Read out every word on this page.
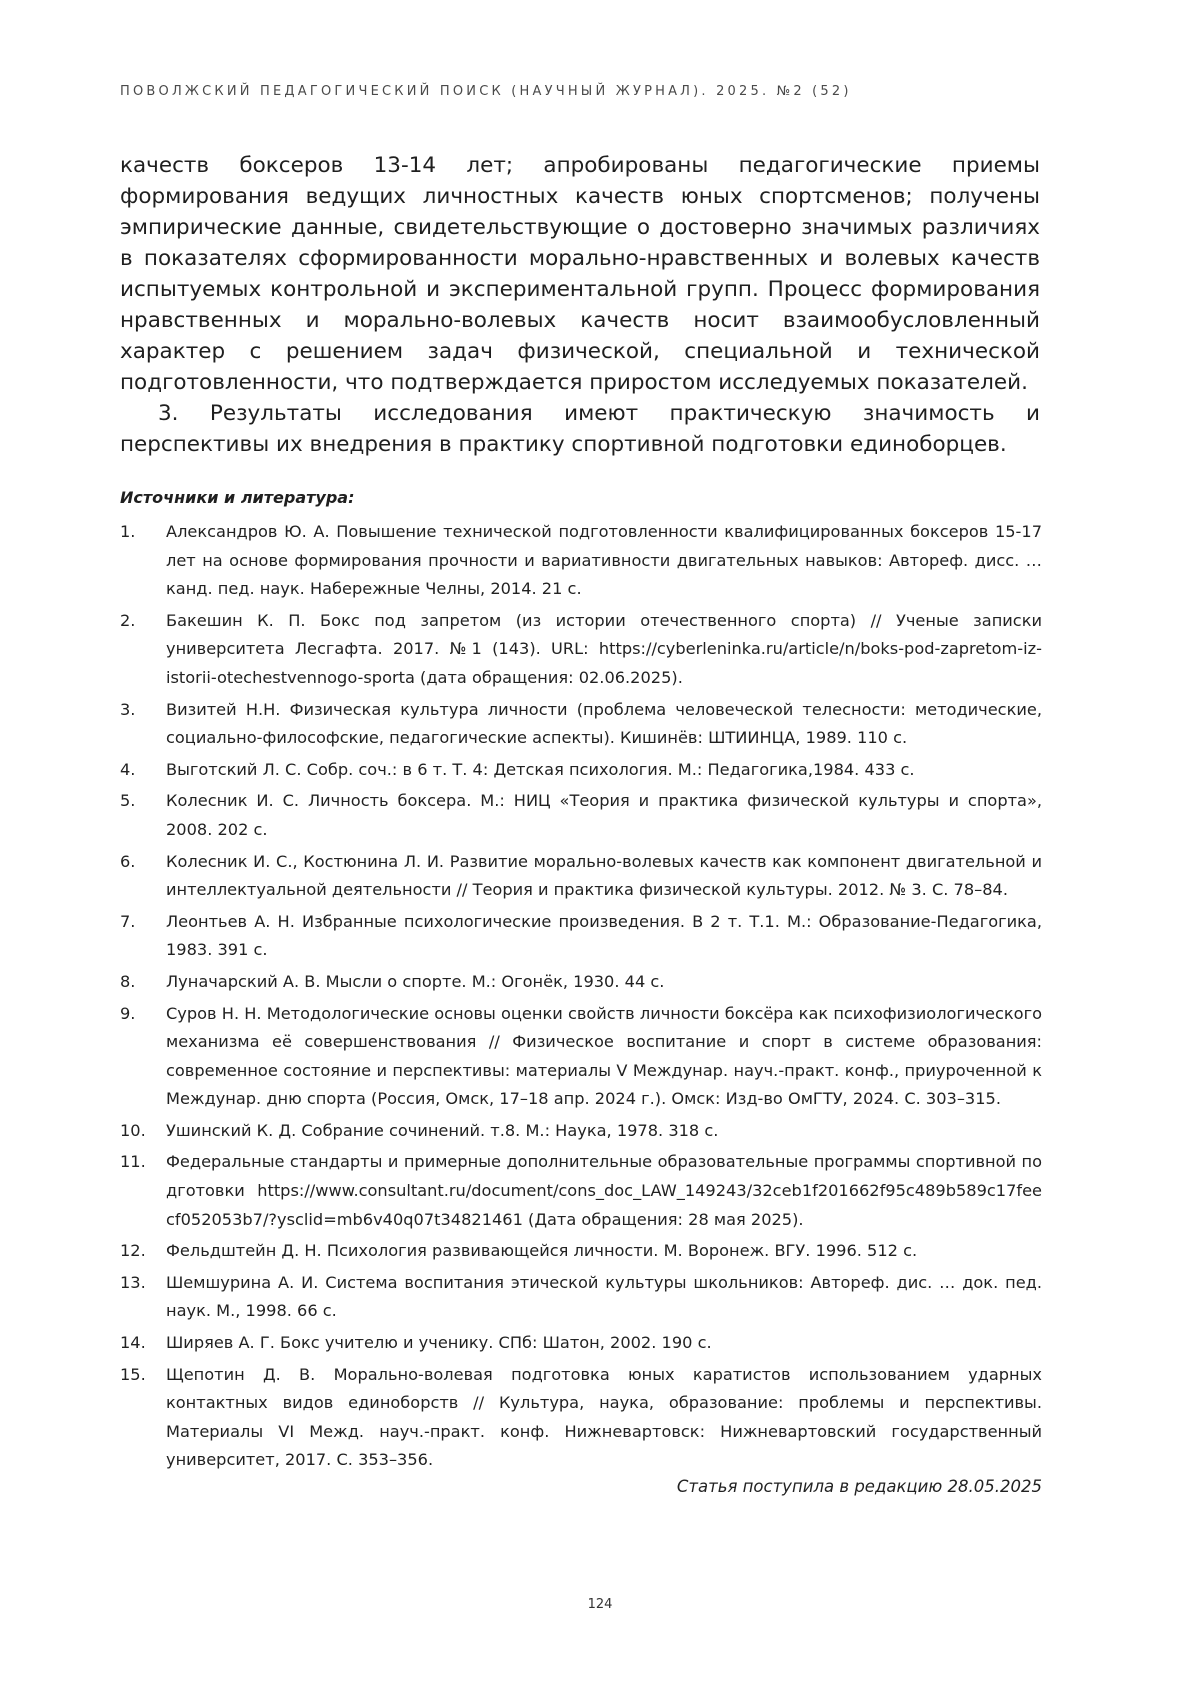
ПОВОЛЖСКИЙ ПЕДАГОГИЧЕСКИЙ ПОИСК (НАУЧНЫЙ ЖУРНАЛ). 2025. №2 (52)

качеств боксеров 13-14 лет; апробированы педагогические приемы формирования ведущих личностных качеств юных спортсменов; получены эмпирические данные, свидетельствующие о достоверно значимых различиях в показателях сформированности морально-нравственных и волевых качеств испытуемых контрольной и экспериментальной групп. Процесс формирования нравственных и морально-волевых качеств носит взаимообусловленный характер с решением задач физической, специальной и технической подготовленности, что подтверждается приростом исследуемых показателей.

3. Результаты исследования имеют практическую значимость и перспективы их внедрения в практику спортивной подготовки единоборцев.

Источники и литература:
1. Александров Ю. А. Повышение технической подготовленности квалифицированных боксеров 15-17 лет на основе формирования прочности и вариативности двигательных навыков: Автореф. дисс. … канд. пед. наук. Набережные Челны, 2014. 21 с.
2. Бакешин К. П. Бокс под запретом (из истории отечественного спорта) // Ученые записки университета Лесгафта. 2017. №1 (143). URL: https://cyberleninka.ru/article/n/boks-pod-zapretom-iz-istorii-otechestvennogo-sporta (дата обращения: 02.06.2025).
3. Визитей Н.Н. Физическая культура личности (проблема человеческой телесности: методические, социально-философские, педагогические аспекты). Кишинёв: ШТИИНЦА, 1989. 110 с.
4. Выготский Л. С. Собр. соч.: в 6 т. Т. 4: Детская психология. М.: Педагогика,1984. 433 с.
5. Колесник И. С. Личность боксера. М.: НИЦ «Теория и практика физической культуры и спорта», 2008. 202 с.
6. Колесник И. С., Костюнина Л. И. Развитие морально-волевых качеств как компонент двигательной и интеллектуальной деятельности // Теория и практика физической культуры. 2012. № 3. С. 78–84.
7. Леонтьев А. Н. Избранные психологические произведения. В 2 т. Т.1. М.: Образование-Педагогика, 1983. 391 с.
8. Луначарский А. В. Мысли о спорте. М.: Огонёк, 1930. 44 с.
9. Суров Н. Н. Методологические основы оценки свойств личности боксёра как психофизиологического механизма её совершенствования // Физическое воспитание и спорт в системе образования: современное состояние и перспективы: материалы V Междунар. науч.-практ. конф., приуроченной к Междунар. дню спорта (Россия, Омск, 17–18 апр. 2024 г.). Омск: Изд-во ОмГТУ, 2024. С. 303–315.
10. Ушинский К. Д. Собрание сочинений. т.8. М.: Наука, 1978. 318 с.
11. Федеральные стандарты и примерные дополнительные образовательные программы спортивной подготовки https://www.consultant.ru/document/cons_doc_LAW_149243/32ceb1f201662f95c489b589c17feecf052053b7/?ysclid=mb6v40q07t34821461 (Дата обращения: 28 мая 2025).
12. Фельдштейн Д. Н. Психология развивающейся личности. М. Воронеж. ВГУ. 1996. 512 с.
13. Шемшурина А. И. Система воспитания этической культуры школьников: Автореф. дис. … док. пед. наук. М., 1998. 66 с.
14. Ширяев А. Г. Бокс учителю и ученику. СПб: Шатон, 2002. 190 с.
15. Щепотин Д. В. Морально-волевая подготовка юных каратистов использованием ударных контактных видов единоборств // Культура, наука, образование: проблемы и перспективы. Материалы VI Межд. науч.-практ. конф. Нижневартовск: Нижневартовский государственный университет, 2017. С. 353–356.
Статья поступила в редакцию 28.05.2025
124
